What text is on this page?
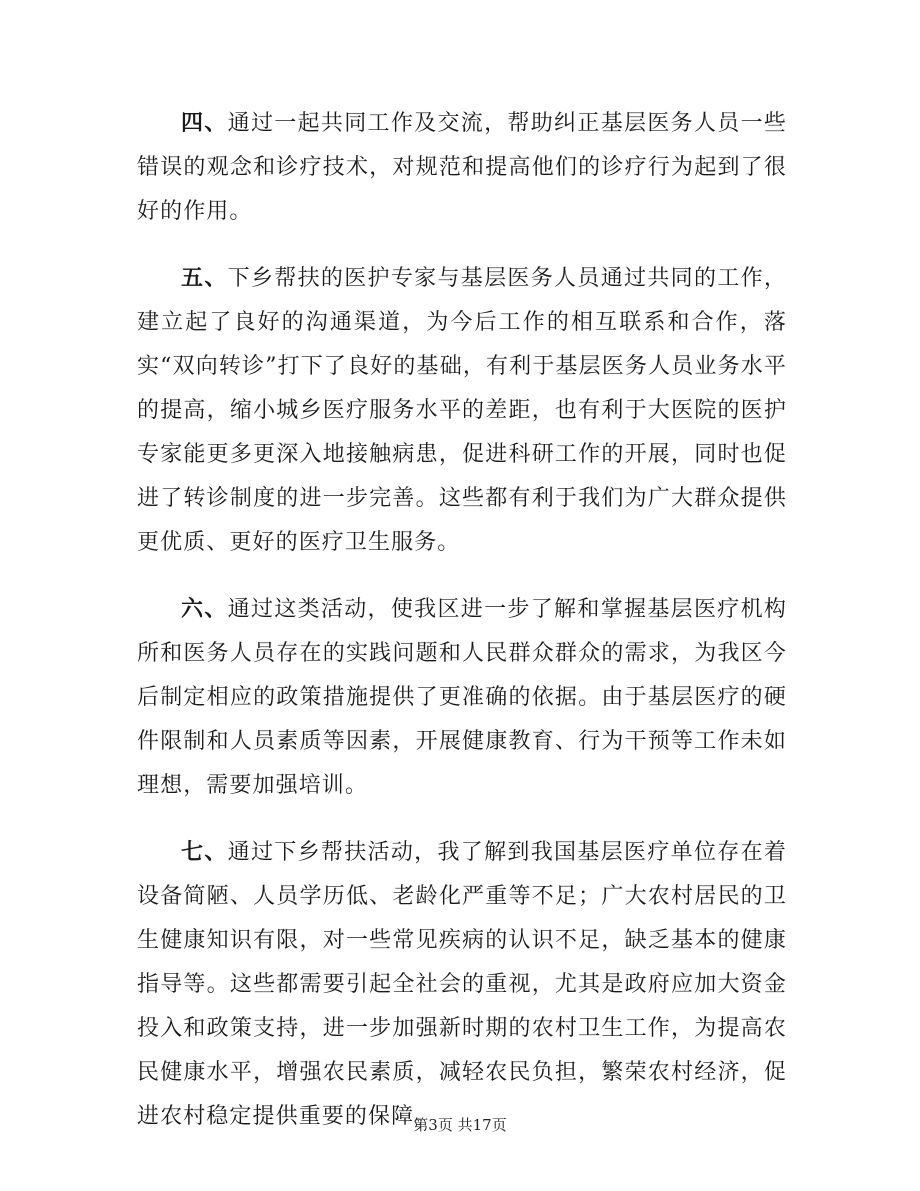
四、通过一起共同工作及交流，帮助纠正基层医务人员一些错误的观念和诊疗技术，对规范和提高他们的诊疗行为起到了很好的作用。

五、下乡帮扶的医护专家与基层医务人员通过共同的工作，建立起了良好的沟通渠道，为今后工作的相互联系和合作，落实“双向转诊”打下了良好的基础，有利于基层医务人员业务水平的提高，缩小城乡医疗服务水平的差距，也有利于大医院的医护专家能更多更深入地接触病患，促进科研工作的开展，同时也促进了转诊制度的进一步完善。这些都有利于我们为广大群众提供更优质、更好的医疗卫生服务。

六、通过这类活动，使我区进一步了解和掌握基层医疗机构所和医务人员存在的实践问题和人民群众群众的需求，为我区今后制定相应的政策措施提供了更准确的依据。由于基层医疗的硬件限制和人员素质等因素，开展健康教育、行为干预等工作未如理想，需要加强培训。

七、通过下乡帮扶活动，我了解到我国基层医疗单位存在着设备简陋、人员学历低、老龄化严重等不足；广大农村居民的卫生健康知识有限，对一些常见疾病的认识不足，缺乏基本的健康指导等。这些都需要引起全社会的重视，尤其是政府应加大资金投入和政策支持，进一步加强新时期的农村卫生工作，为提高农民健康水平，增强农民素质，减轻农民负担，繁荣农村经济，促进农村稳定提供重要的保障。

第3页 共17页
